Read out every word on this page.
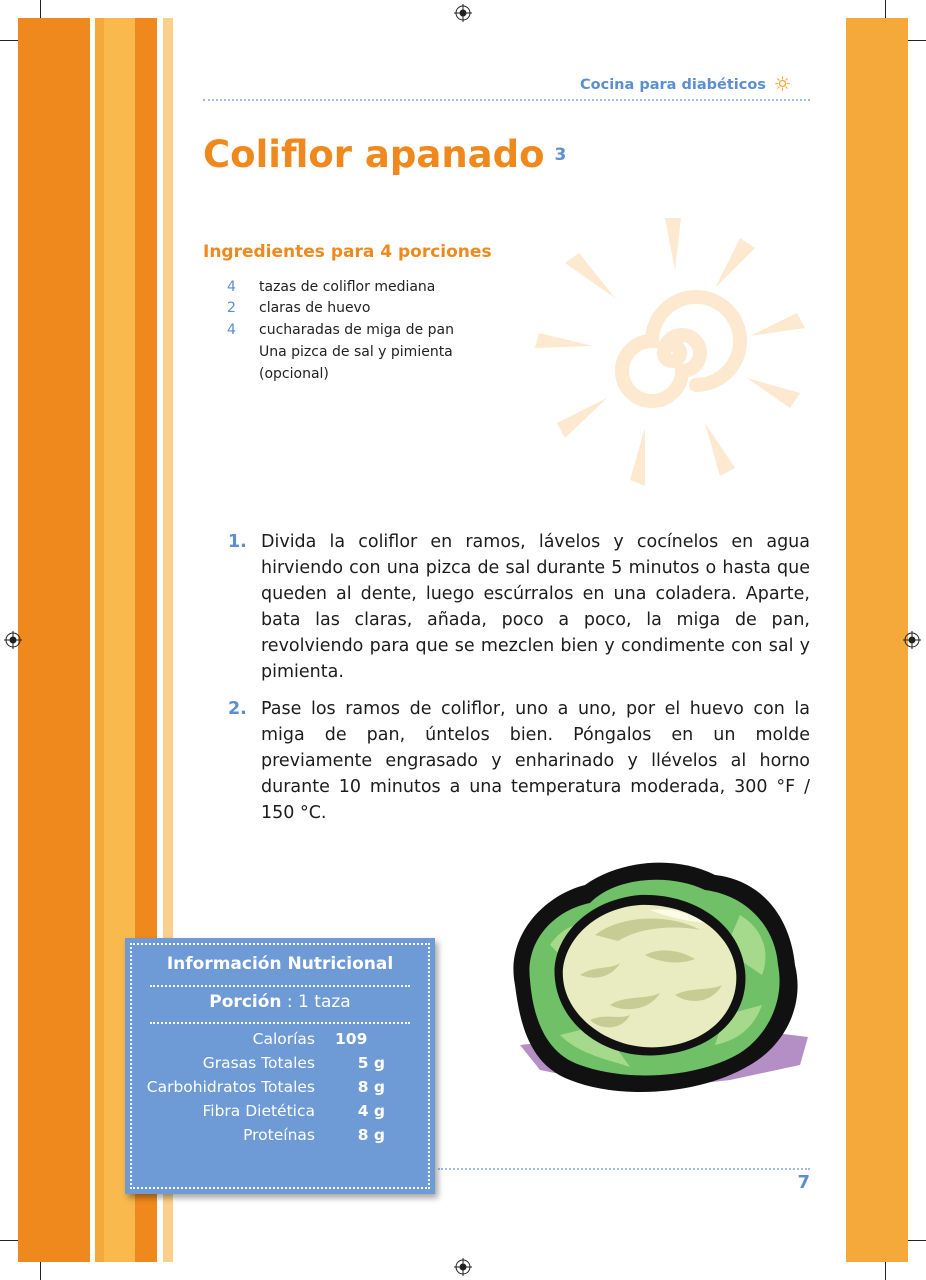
Cocina para diabéticos
Coliflor apanado $^3$
Ingredientes para 4 porciones
4 tazas de coliflor mediana
2 claras de huevo
4 cucharadas de miga de pan
Una pizca de sal y pimienta
(opcional)
1. Divida la coliflor en ramos, lávelos y cocínelos en agua hirviendo con una pizca de sal durante 5 minutos o hasta que queden al dente, luego escúrralos en una coladera. Aparte, bata las claras, añada, poco a poco, la miga de pan, revolviendo para que se mezclen bien y condimente con sal y pimienta.
2. Pase los ramos de coliflor, uno a uno, por el huevo con la miga de pan, úntelos bien. Póngalos en un molde previamente engrasado y enharinado y llévelos al horno durante 10 minutos a una temperatura moderada, 300 °F / 150 °C.
7
Información Nutricional
Porción : 1 taza
Calorías 109
Grasas Totales	5 g
Carbohidratos Totales	8 g
Fibra Dietética	4 g
Proteínas	8 g
